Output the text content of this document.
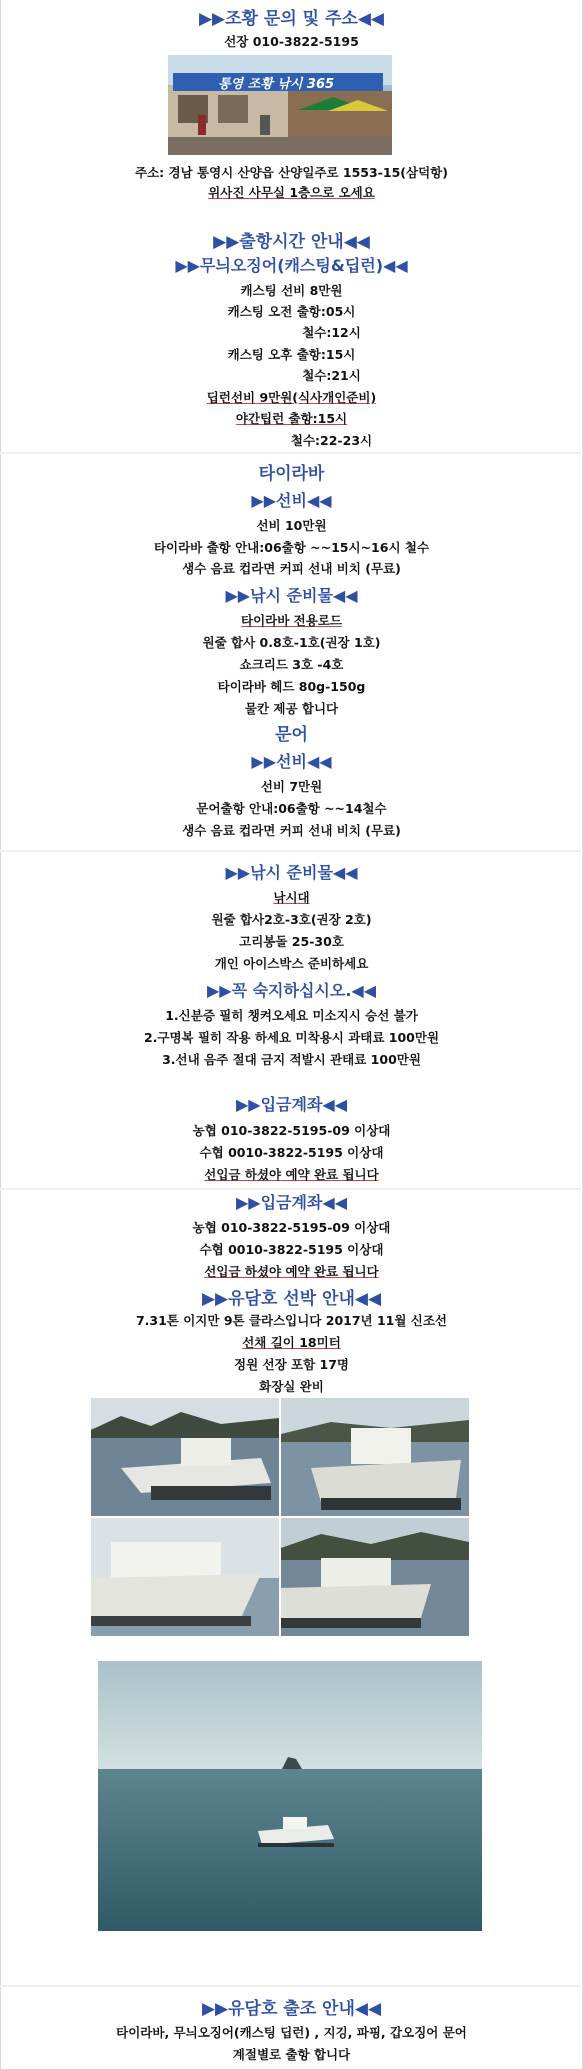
▶▶조황 문의 및 주소◀◀
선장 010-3822-5195
통영 조황 낚시 365
주소: 경남 통영시 산양읍 산양일주로 1553-15(삼덕항)
위사진 사무실 1층으로 오세요
▶▶출항시간 안내◀◀
▶▶무늬오징어(캐스팅&딥런)◀◀
캐스팅 선비 8만원
캐스팅 오전 출항:05시
철수:12시
캐스팅 오후 출항:15시
철수:21시
딥런선비 9만원(식사개인준비)
야간팁런 출항:15시
철수:22-23시
타이라바
▶▶선비◀◀
선비 10만원
타이라바 출항 안내:06출항 ~~15시~16시 철수
생수 음료 컵라면 커피 선내 비치 (무료)
▶▶낚시 준비물◀◀
타이라바 전용로드
원줄 합사 0.8호-1호(권장 1호)
쇼크리드 3호 -4호
타이라바 헤드 80g-150g
물칸 제공 합니다
문어
▶▶선비◀◀
선비 7만원
문어출항 안내:06출항 ~~14철수
생수 음료 컵라면 커피 선내 비치 (무료)
▶▶낚시 준비물◀◀
낚시대
원줄 합사2호-3호(권장 2호)
고리봉돌 25-30호
개인 아이스박스 준비하세요
▶▶꼭 숙지하십시오.◀◀
1.신분증 필히 챙켜오세요 미소지시 승선 불가
2.구명복 필히 작용 하세요 미착용시 과태료 100만원
3.선내 음주 절대 금지 적발시 관태료 100만원
▶▶입금계좌◀◀
농협 010-3822-5195-09 이상대
수협 0010-3822-5195 이상대
선입금 하셨야 예약 완료 됩니다
▶▶입금계좌◀◀
농협 010-3822-5195-09 이상대
수협 0010-3822-5195 이상대
선입금 하셨야 예약 완료 됩니다
▶▶유담호 선박 안내◀◀
7.31톤 이지만 9톤 클라스입니다 2017년 11월 신조선
선채 길이 18미터
정원 선장 포함 17명
화장실 완비
▶▶유담호 출조 안내◀◀
타이라바, 무늬오징어(캐스팅 딥런) , 지깅, 파핑, 갑오징어 문어
계절별로 출항 합니다
